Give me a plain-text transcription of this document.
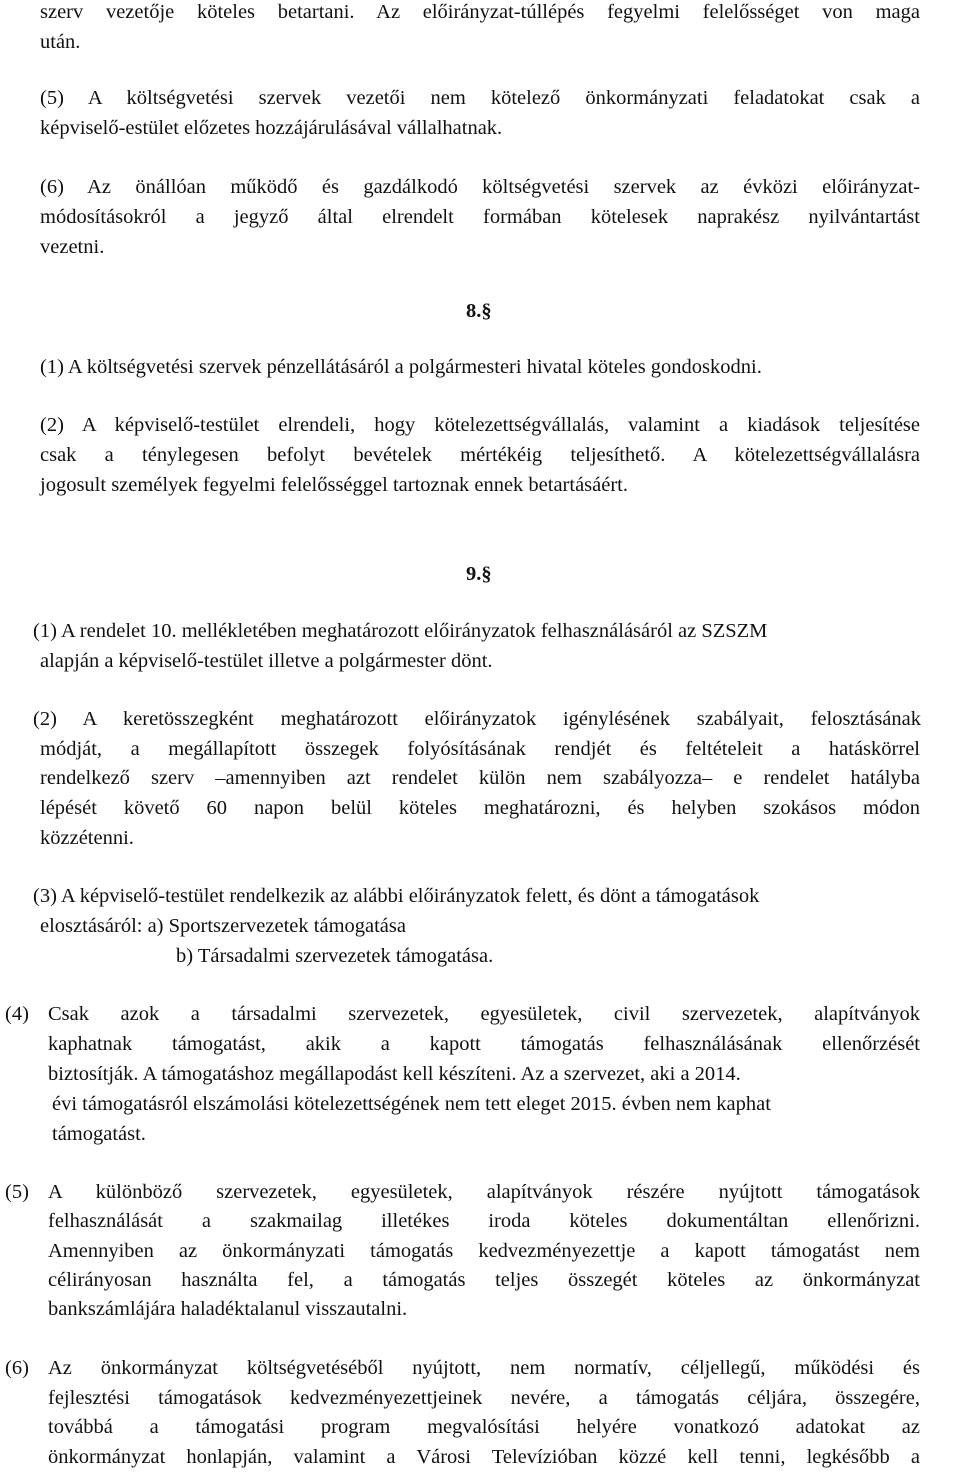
szerv vezetője köteles betartani. Az előirányzat-túllépés fegyelmi felelősséget von maga
után.
(5) A költségvetési szervek vezetői nem kötelező önkormányzati feladatokat csak a
képviselő-estület előzetes hozzájárulásával vállalhatnak.
(6) Az önállóan működő és gazdálkodó költségvetési szervek az évközi előirányzat-
módosításokról a jegyző által elrendelt formában kötelesek naprakész nyilvántartást
vezetni.
8.§
(1) A költségvetési szervek pénzellátásáról a polgármesteri hivatal köteles gondoskodni.
(2) A képviselő-testület elrendeli, hogy kötelezettségvállalás, valamint a kiadások teljesítése
csak a ténylegesen befolyt bevételek mértékéig teljesíthető. A kötelezettségvállalásra
jogosult személyek fegyelmi felelősséggel tartoznak ennek betartásáért.
9.§
(1) A rendelet 10. mellékletében meghatározott előirányzatok felhasználásáról az SZSZM
alapján a képviselő-testület illetve a polgármester dönt.
(2) A keretösszegként meghatározott előirányzatok igénylésének szabályait, felosztásának
módját, a megállapított összegek folyósításának rendjét és feltételeit a hatáskörrel
rendelkező szerv –amennyiben azt rendelet külön nem szabályozza– e rendelet hatályba
lépését követő 60 napon belül köteles meghatározni, és helyben szokásos módon
közzétenni.
(3) A képviselő-testület rendelkezik az alábbi előirányzatok felett, és dönt a támogatások
elosztásáról: a) Sportszervezetek támogatása
b) Társadalmi szervezetek támogatása.
(4) Csak azok a társadalmi szervezetek, egyesületek, civil szervezetek, alapítványok
kaphatnak támogatást, akik a kapott támogatás felhasználásának ellenőrzését
biztosítják. A támogatáshoz megállapodást kell készíteni. Az a szervezet, aki a 2014.
évi támogatásról elszámolási kötelezettségének nem tett eleget 2015. évben nem kaphat
támogatást.
(5) A különböző szervezetek, egyesületek, alapítványok részére nyújtott támogatások
felhasználását a szakmailag illetékes iroda köteles dokumentáltan ellenőrizni.
Amennyiben az önkormányzati támogatás kedvezményezettje a kapott támogatást nem
célirányosan használta fel, a támogatás teljes összegét köteles az önkormányzat
bankszámlájára haladéktalanul visszautalni.
(6) Az önkormányzat költségvetéséből nyújtott, nem normatív, céljellegű, működési és
fejlesztési támogatások kedvezményezettjeinek nevére, a támogatás céljára, összegére,
továbbá a támogatási program megvalósítási helyére vonatkozó adatokat az
önkormányzat honlapján, valamint a Városi Televízióban közzé kell tenni, legkésőbb a
